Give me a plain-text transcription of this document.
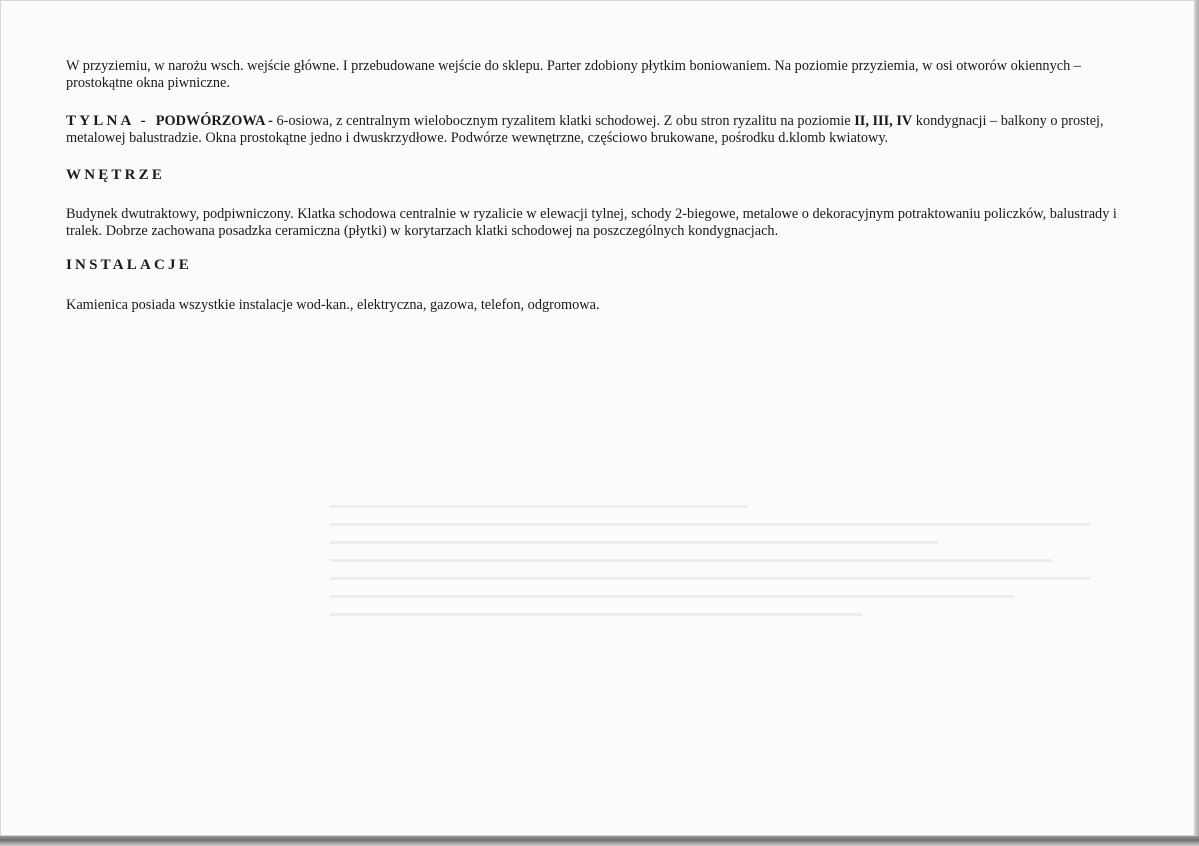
W przyziemiu, w narożu wsch. wejście główne. I przebudowane wejście do sklepu. Parter zdobiony płytkim boniowaniem. Na poziomie przyziemia, w osi otworów okiennych – prostokątne okna piwniczne.

TYLNA - PODWÓRZOWA - 6-osiowa, z centralnym wielobocznym ryzalitem klatki schodowej. Z obu stron ryzalitu na poziomie II, III, IV kondygnacji – balkony o prostej, metalowej balustradzie. Okna prostokątne jedno i dwuskrzydłowe. Podwórze wewnętrzne, częściowo brukowane, pośrodku d.klomb kwiatowy.

WNĘTRZE

Budynek dwutraktowy, podpiwniczony. Klatka schodowa centralnie w ryzalicie w elewacji tylnej, schody 2-biegowe, metalowe o dekoracyjnym potraktowaniu policzków, balustrady i tralek. Dobrze zachowana posadzka ceramiczna (płytki) w korytarzach klatki schodowej na poszczególnych kondygnacjach.

INSTALACJE

Kamienica posiada wszystkie instalacje wod-kan., elektryczna, gazowa, telefon, odgromowa.
